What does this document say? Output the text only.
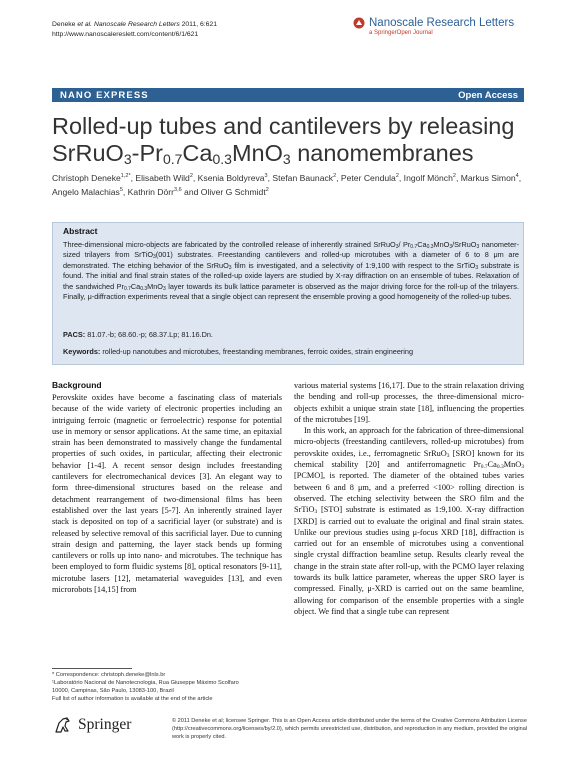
Deneke et al. Nanoscale Research Letters 2011, 6:621
http://www.nanoscalereslett.com/content/6/1/621
Nanoscale Research Letters
a SpringerOpen Journal
NANO EXPRESS	Open Access
Rolled-up tubes and cantilevers by releasing
$SrRuO_3-Pr_{0.7}Ca_{0.3}MnO_3$ nanomembranes
Christoph Deneke$^{1,2*}$, Elisabeth Wild$^2$, Ksenia Boldyreva$^3$, Stefan Baunack$^2$, Peter Cendula$^2$, Ingolf Mönch$^2$, Markus Simon$^4$, Angelo Malachias$^5$, Kathrin Dörr$^{3,6}$ and Oliver G Schmidt$^2$
Abstract
Three-dimensional micro-objects are fabricated by the controlled release of inherently strained SrRuO$_3$/ $Pr_{0.7}Ca_{0.3}MnO_3/SrRuO_3$ nanometer-sized trilayers from SrTiO$_3$(001) substrates. Freestanding cantilevers and rolled-up microtubes with a diameter of 6 to 8 μm are demonstrated. The etching behavior of the SrRuO$_3$ film is investigated, and a selectivity of 1:9,100 with respect to the SrTiO$_3$ substrate is found. The initial and final strain states of the rolled-up oxide layers are studied by X-ray diffraction on an ensemble of tubes. Relaxation of the sandwiched $Pr_{0.7}Ca_{0.3}MnO_3$ layer towards its bulk lattice parameter is observed as the major driving force for the roll-up of the trilayers. Finally, μ-diffraction experiments reveal that a single object can represent the ensemble proving a good homogeneity of the rolled-up tubes.
PACS: 81.07.-b; 68.60.-p; 68.37.Lp; 81.16.Dn.
Keywords: rolled-up nanotubes and microtubes, freestanding membranes, ferroic oxides, strain engineering
Background

Perovskite oxides have become a fascinating class of materials because of the wide variety of electronic properties including an intriguing ferroic (magnetic or ferroelectric) response for potential use in memory or sensor applications. At the same time, an epitaxial strain has been demonstrated to massively change the fundamental properties of such oxides, in particular, affecting their electronic behavior [1-4]. A recent sensor design includes freestanding cantilevers for electromechanical devices [3]. An elegant way to form three-dimensional structures based on the release and detachment rearrangement of two-dimensional films has been established over the last years [5-7]. An inherently strained layer stack is deposited on top of a sacrificial layer (or substrate) and is released by selective removal of this sacrificial layer. Due to cunning strain design and patterning, the layer stack bends up forming cantilevers or rolls up into nano- and microtubes. The technique has been employed to form fluidic systems [8], optical resonators [9-11], microtube lasers [12], metamaterial waveguides [13], and even microrobots [14,15] from

various material systems [16,17]. Due to the strain relaxation driving the bending and roll-up processes, the three-dimensional micro-objects exhibit a unique strain state [18], influencing the properties of the microtubes [19].

In this work, an approach for the fabrication of three-dimensional micro-objects (freestanding cantilevers, rolled-up microtubes) from perovskite oxides, i.e., ferromagnetic SrRuO$_3$ [SRO] known for its chemical stability [20] and antiferromagnetic $Pr_{0.7}Ca_{0.3}MnO_3$ [PCMO], is reported. The diameter of the obtained tubes varies between 6 and 8 μm, and a preferred <100> rolling direction is observed. The etching selectivity between the SRO film and the SrTiO$_3$ [STO] substrate is estimated as 1:9,100. X-ray diffraction [XRD] is carried out to evaluate the original and final strain states. Unlike our previous studies using μ-focus XRD [18], diffraction is carried out for an ensemble of microtubes using a conventional single crystal diffraction beamline setup. Results clearly reveal the change in the strain state after roll-up, with the PCMO layer relaxing towards its bulk lattice parameter, whereas the upper SRO layer is compressed. Finally, μ-XRD is carried out on the same beamline, allowing for comparison of the ensemble properties with a single object. We find that a single tube can represent

* Correspondence: christoph.deneke@lnls.br
¹Laboratório Nacional de Nanotecnologia, Rua Giuseppe Máximo Scolfaro
10000, Campinas, São Paulo, 13083-100, Brazil
Full list of author information is available at the end of the article
Springer	© 2011 Deneke et al; licensee Springer. This is an Open Access article distributed under the terms of the Creative Commons Attribution License (http://creativecommons.org/licenses/by/2.0), which permits unrestricted use, distribution, and reproduction in any medium, provided the original work is properly cited.
